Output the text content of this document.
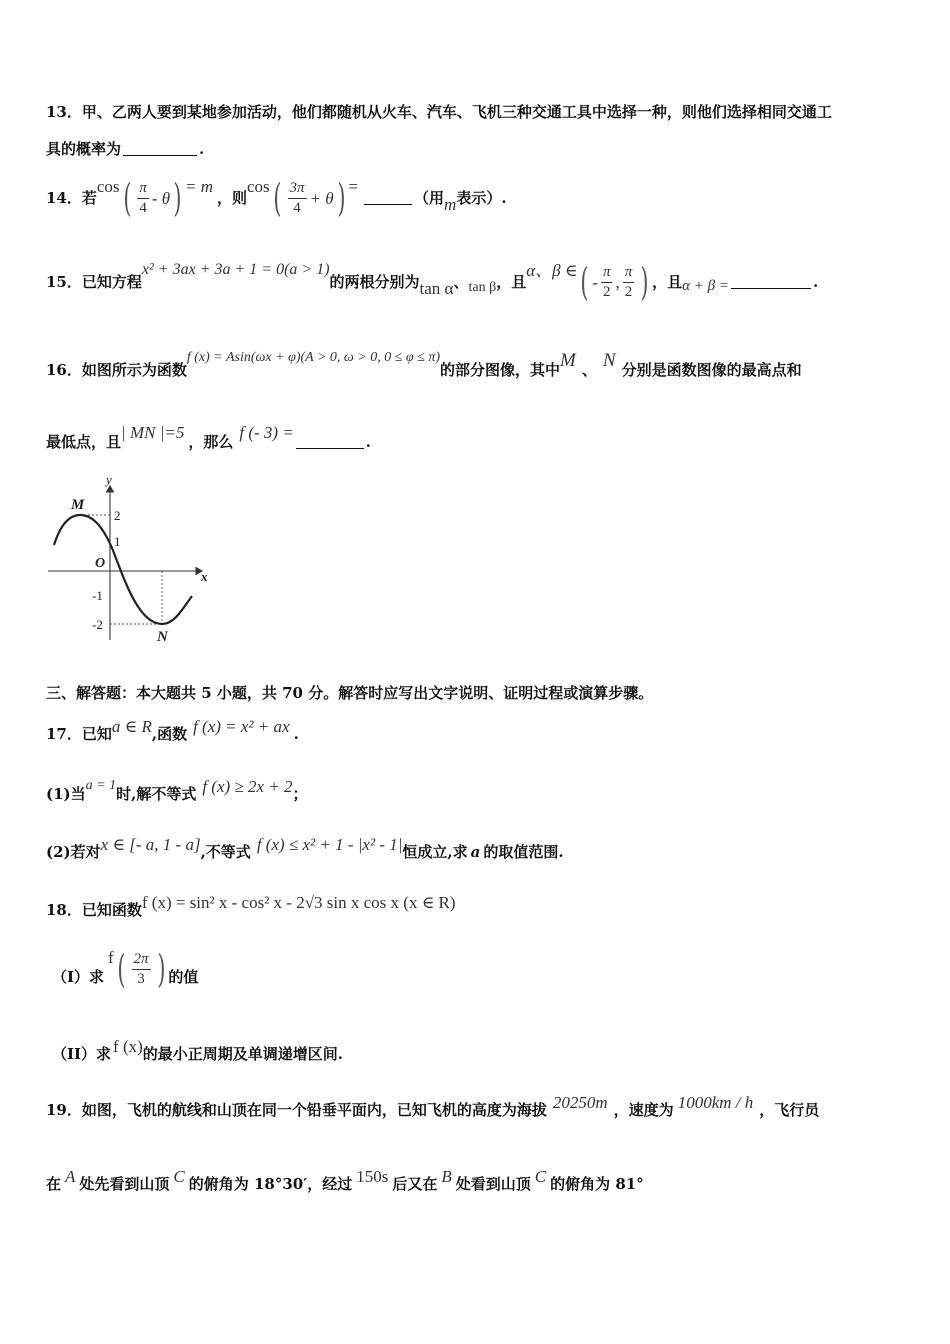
13． 甲、乙两人要到某地参加活动，他们都随机从火车、汽车、飞机三种交通工具中选择一种，则他们选择相同交通工
具的概率为	.
14．若
cos ( $\frac{\pi}{4}$ - θ ) = m
，则
cos ( $\frac{3\pi}{4} + \theta$ ) =
（用 m 表示）.
15．已知方程
x² + 3ax + 3a + 1 = 0(a > 1)
的两根分别为 tan α 、 tan β ，且
α、β ∈ ( - $\frac{\pi}{2}$ , $\frac{\pi}{2}$ ) ，且 α + β =	.
16．如图所示为函数
f (x) = Asin(ωx + φ)(A > 0, ω > 0, 0 ≤ φ ≤ π)
的部分图像，其中 M 、 N 分别是函数图像的最高点和
最低点，且 | MN |=5 ，那么 f (- 3) =	.
y
x
M
N
O
2
1
-1
-2
三、解答题：本大题共 5 小题，共 70 分。解答时应写出文字说明、证明过程或演算步骤。
17．已知 a ∈ R ,函数 f (x) = x² + ax .
(1)当 a = 1 时,解不等式 f (x) ≥ 2x + 2 ；
(2)若对 x ∈ [- a, 1 - a] ,不等式 f (x) ≤ x² + 1 - |x² - 1| 恒成立,求 a 的取值范围.
18．已知函数 f (x) = sin² x - cos² x - 2√3 sin x cos x (x ∈ R)
（I）求
f ( $\frac{2\pi}{3}$ ) 的值
（II）求 f (x) 的最小正周期及单调递增区间.
19．如图，飞机的航线和山顶在同一个铅垂平面内，已知飞机的高度为海拔 20250m ，速度为 1000km / h ，飞行员
在 A 处先看到山顶 C 的俯角为 18°30′，经过 150s 后又在 B 处看到山顶 C 的俯角为 81°
